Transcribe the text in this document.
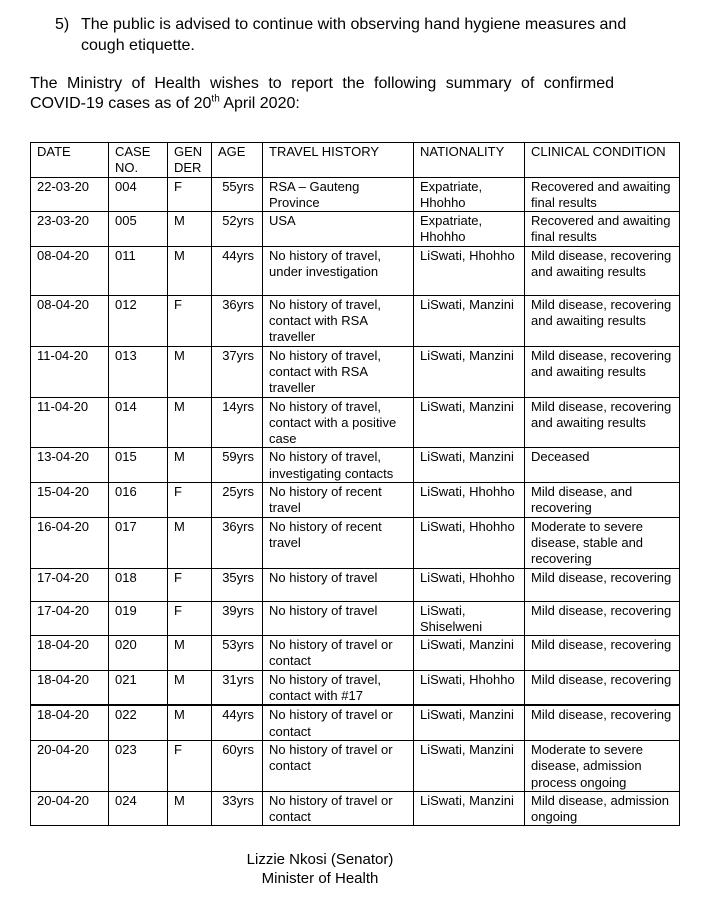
5) The public is advised to continue with observing hand hygiene measures and cough etiquette.
The Ministry of Health wishes to report the following summary of confirmed COVID-19 cases as of 20th April 2020:
DATE	CASE NO.	GEN DER	AGE	TRAVEL HISTORY	NATIONALITY	CLINICAL CONDITION
22-03-20	004	F	55yrs	RSA – Gauteng Province	Expatriate, Hhohho	Recovered and awaiting final results
23-03-20	005	M	52yrs	USA	Expatriate, Hhohho	Recovered and awaiting final results
08-04-20	011	M	44yrs	No history of travel, under investigation	LiSwati, Hhohho	Mild disease, recovering and awaiting results
08-04-20	012	F	36yrs	No history of travel, contact with RSA traveller	LiSwati, Manzini	Mild disease, recovering and awaiting results
11-04-20	013	M	37yrs	No history of travel, contact with RSA traveller	LiSwati, Manzini	Mild disease, recovering and awaiting results
11-04-20	014	M	14yrs	No history of travel, contact with a positive case	LiSwati, Manzini	Mild disease, recovering and awaiting results
13-04-20	015	M	59yrs	No history of travel, investigating contacts	LiSwati, Manzini	Deceased
15-04-20	016	F	25yrs	No history of recent travel	LiSwati, Hhohho	Mild disease, and recovering
16-04-20	017	M	36yrs	No history of recent travel	LiSwati, Hhohho	Moderate to severe disease, stable and recovering
17-04-20	018	F	35yrs	No history of travel	LiSwati, Hhohho	Mild disease, recovering
17-04-20	019	F	39yrs	No history of travel	LiSwati, Shiselweni	Mild disease, recovering
18-04-20	020	M	53yrs	No history of travel or contact	LiSwati, Manzini	Mild disease, recovering
18-04-20	021	M	31yrs	No history of travel, contact with #17	LiSwati, Hhohho	Mild disease, recovering
18-04-20	022	M	44yrs	No history of travel or contact	LiSwati, Manzini	Mild disease, recovering
20-04-20	023	F	60yrs	No history of travel or contact	LiSwati, Manzini	Moderate to severe disease, admission process ongoing
20-04-20	024	M	33yrs	No history of travel or contact	LiSwati, Manzini	Mild disease, admission ongoing
Lizzie Nkosi (Senator)
Minister of Health
